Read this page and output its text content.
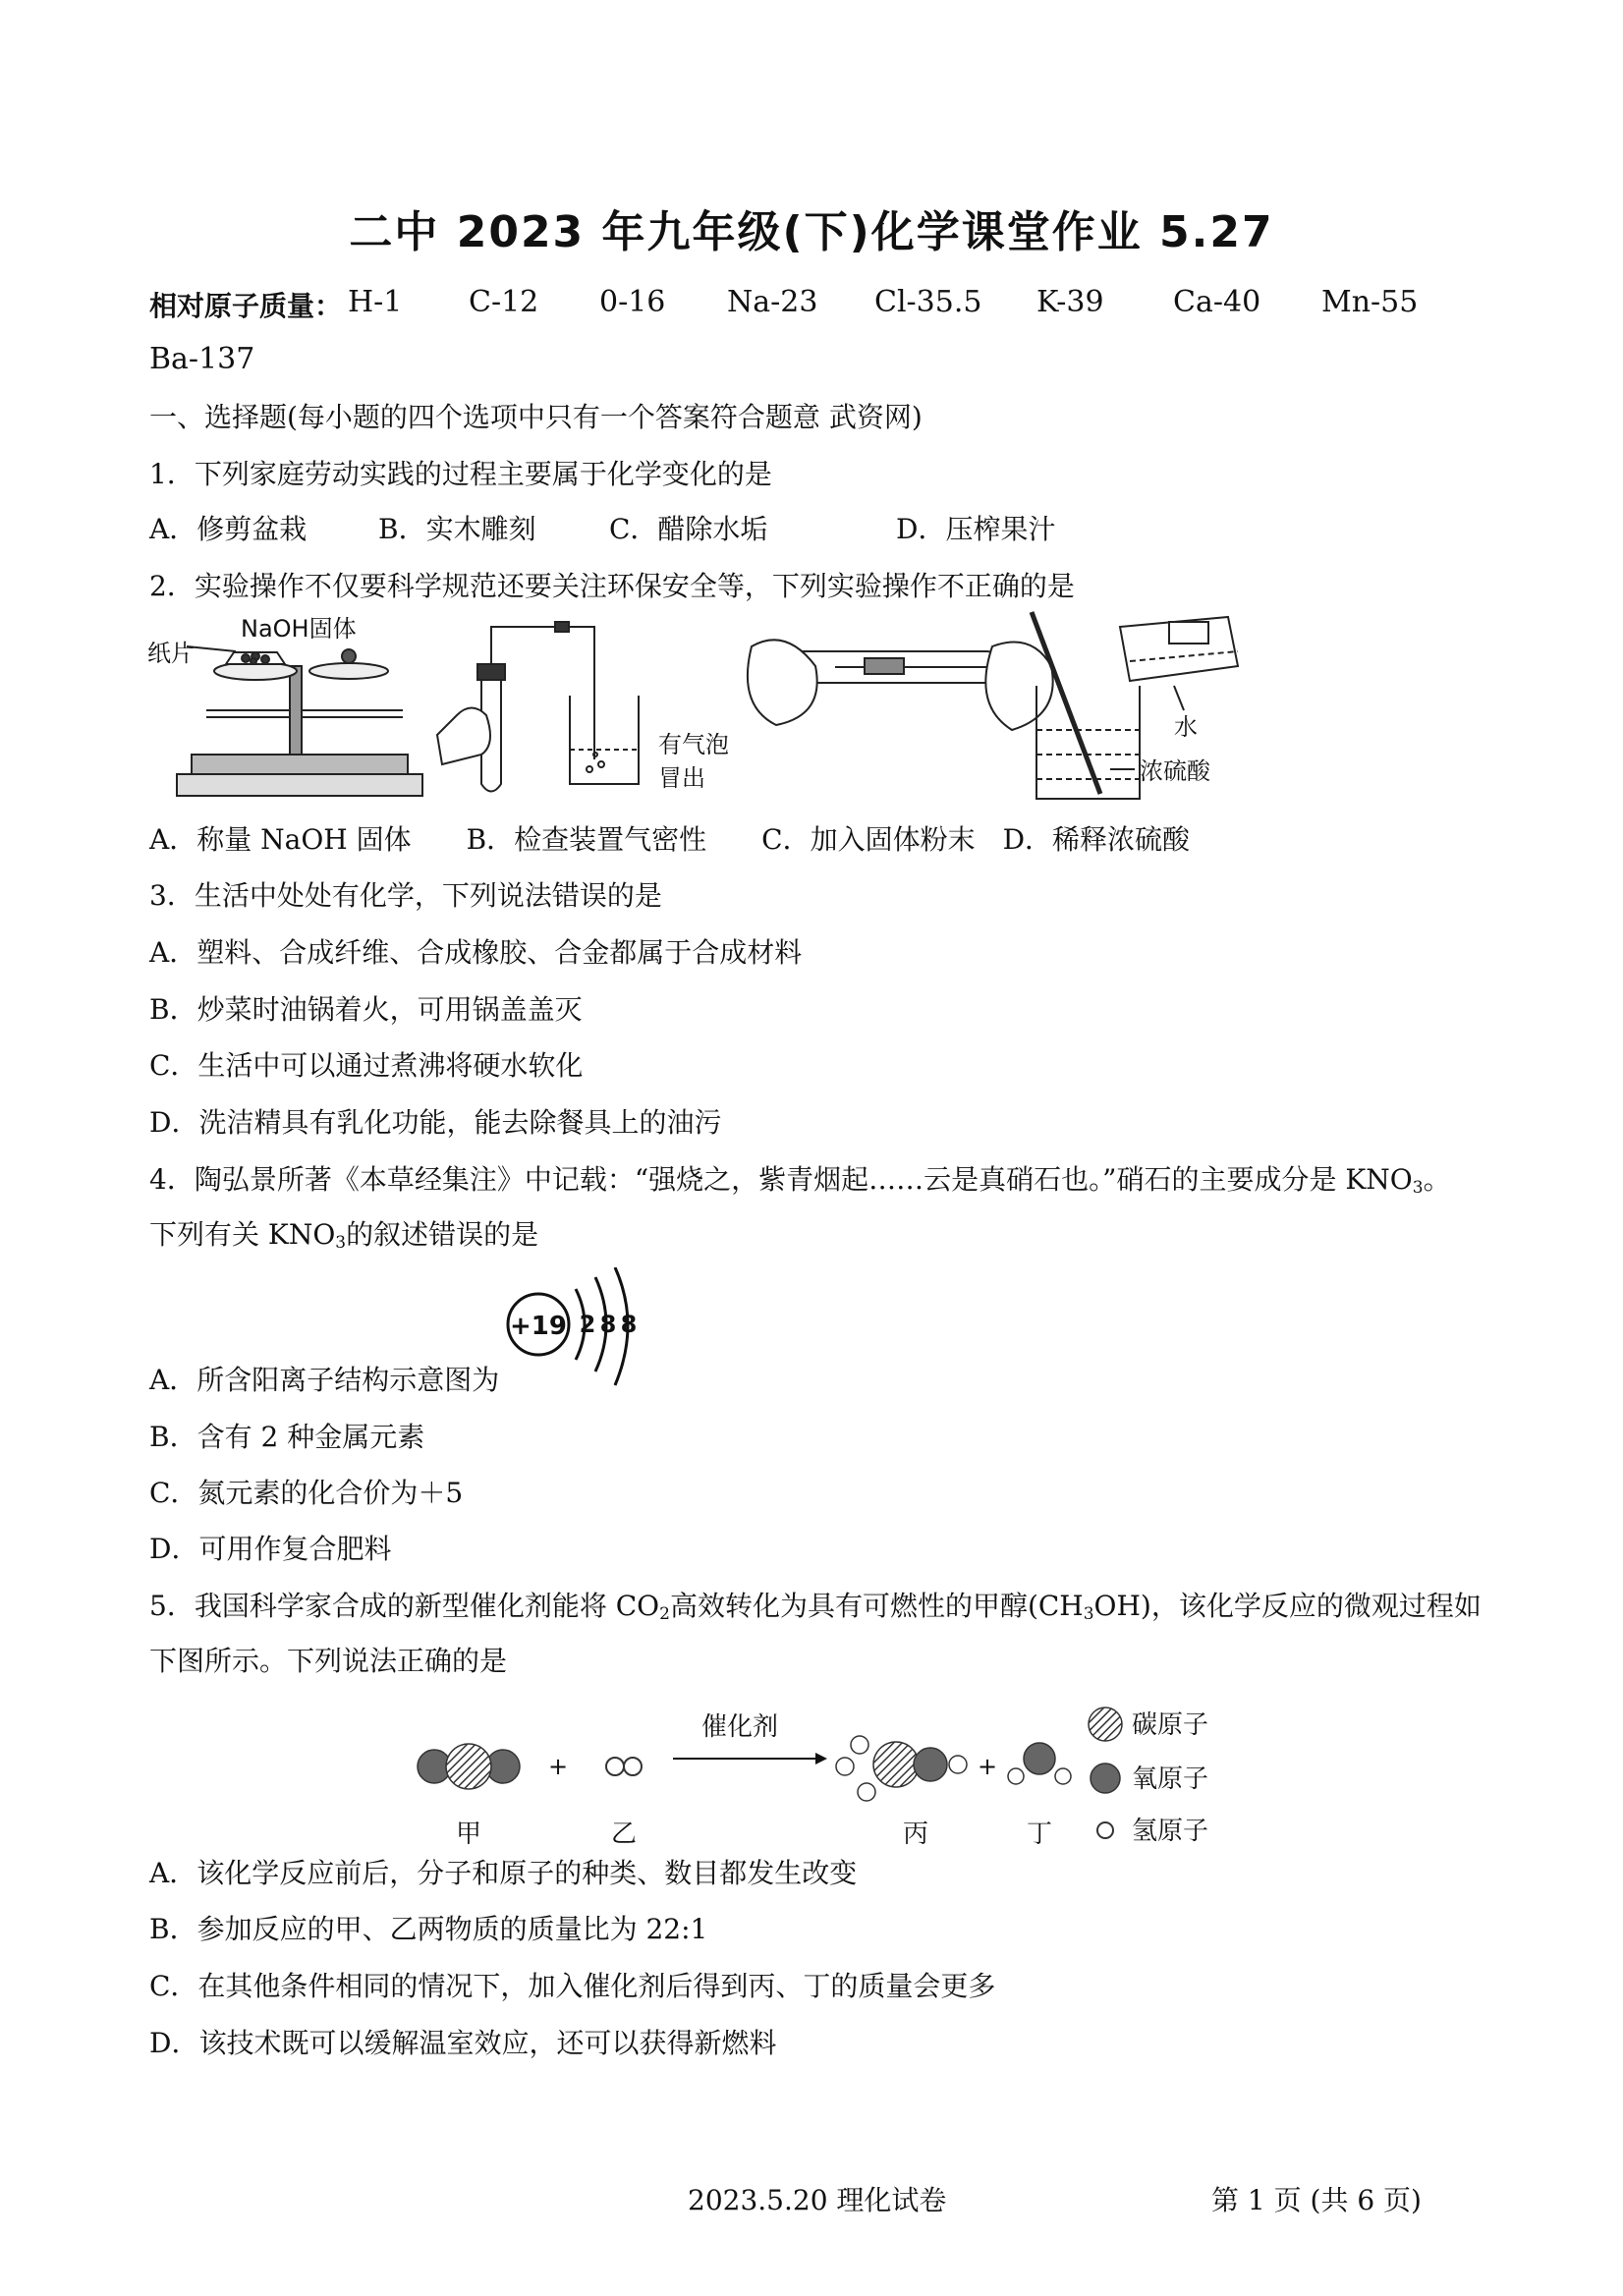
二中 2023 年九年级(下)化学课堂作业 5.27
相对原子质量： H-1 C-12 0-16 Na-23 Cl-35.5 K-39 Ca-40 Mn-55
Ba-137
一、选择题(每小题的四个选项中只有一个答案符合题意 武资网)
1．下列家庭劳动实践的过程主要属于化学变化的是
A．修剪盆栽	B．实木雕刻	C．醋除水垢	D．压榨果汁
2．实验操作不仅要科学规范还要关注环保安全等，下列实验操作不正确的是
NaOH固体
纸片
有气泡
冒出
水
浓硫酸
A．称量 NaOH 固体　　B．检查装置气密性　　C．加入固体粉末　D．稀释浓硫酸
3．生活中处处有化学，下列说法错误的是
A．塑料、合成纤维、合成橡胶、合金都属于合成材料
B．炒菜时油锅着火，可用锅盖盖灭
C．生活中可以通过煮沸将硬水软化
D．洗洁精具有乳化功能，能去除餐具上的油污
4．陶弘景所著《本草经集注》中记载：“强烧之，紫青烟起……云是真硝石也。”硝石的主要成分是 $KNO_3$。
下列有关 $KNO_3$的叙述错误的是
+19 2 8 8
A．所含阳离子结构示意图为
B．含有 2 种金属元素
C．氮元素的化合价为＋5
D．可用作复合肥料
5．我国科学家合成的新型催化剂能将 $CO_2$高效转化为具有可燃性的甲醇$(CH_3OH)$，该化学反应的微观过程如
下图所示。下列说法正确的是
+
催化剂
+
甲	乙	丙	丁
碳原子
氧原子
氢原子
A．该化学反应前后，分子和原子的种类、数目都发生改变
B．参加反应的甲、乙两物质的质量比为 22:1
C．在其他条件相同的情况下，加入催化剂后得到丙、丁的质量会更多
D．该技术既可以缓解温室效应，还可以获得新燃料
2023.5.20 理化试卷	第 1 页 (共 6 页)
